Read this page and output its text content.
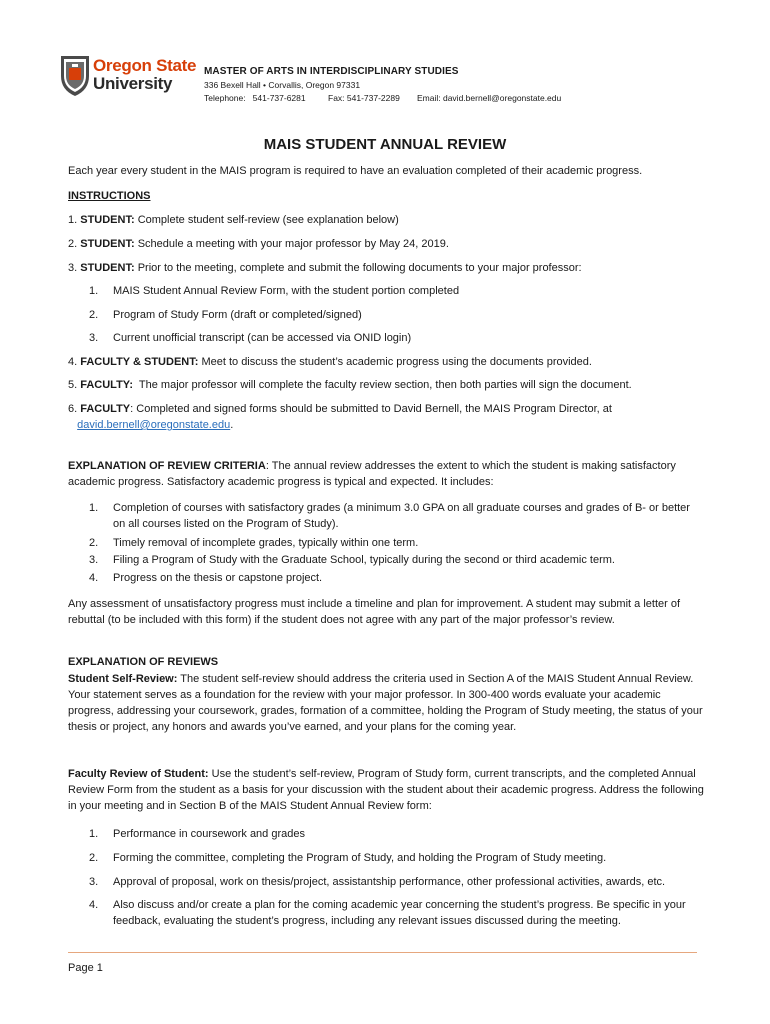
Oregon State
University
MASTER OF ARTS IN INTERDISCIPLINARY STUDIES
336 Bexell Hall • Corvallis, Oregon 97331
Telephone:   541-737-6281	Fax: 541-737-2289 Email: david.bernell@oregonstate.edu
MAIS STUDENT ANNUAL REVIEW
Each year every student in the MAIS program is required to have an evaluation completed of their academic progress.
INSTRUCTIONS
1. STUDENT: Complete student self-review (see explanation below)
2. STUDENT: Schedule a meeting with your major professor by May 24, 2019.
3. STUDENT: Prior to the meeting, complete and submit the following documents to your major professor:
1.	MAIS Student Annual Review Form, with the student portion completed
2.	Program of Study Form (draft or completed/signed)
3.	Current unofficial transcript (can be accessed via ONID login)
4. FACULTY & STUDENT: Meet to discuss the student’s academic progress using the documents provided.
5. FACULTY: The major professor will complete the faculty review section, then both parties will sign the document.
6. FACULTY: Completed and signed forms should be submitted to David Bernell, the MAIS Program Director, at
david.bernell@oregonstate.edu.
EXPLANATION OF REVIEW CRITERIA: The annual review addresses the extent to which the student is making satisfactory academic progress. Satisfactory academic progress is typical and expected. It includes:
1.	Completion of courses with satisfactory grades (a minimum 3.0 GPA on all graduate courses and grades of B- or better on all courses listed on the Program of Study).
2.	Timely removal of incomplete grades, typically within one term.
3.	Filing a Program of Study with the Graduate School, typically during the second or third academic term.
4.	Progress on the thesis or capstone project.
Any assessment of unsatisfactory progress must include a timeline and plan for improvement. A student may submit a letter of rebuttal (to be included with this form) if the student does not agree with any part of the major professor’s review.
EXPLANATION OF REVIEWS
Student Self-Review: The student self-review should address the criteria used in Section A of the MAIS Student Annual Review. Your statement serves as a foundation for the review with your major professor. In 300-400 words evaluate your academic progress, addressing your coursework, grades, formation of a committee, holding the Program of Study meeting, the status of your thesis or project, any honors and awards you’ve earned, and your plans for the coming year.
Faculty Review of Student: Use the student’s self-review, Program of Study form, current transcripts, and the completed Annual Review Form from the student as a basis for your discussion with the student about their academic progress. Address the following in your meeting and in Section B of the MAIS Student Annual Review form:
1.	Performance in coursework and grades
2.	Forming the committee, completing the Program of Study, and holding the Program of Study meeting.
3.	Approval of proposal, work on thesis/project, assistantship performance, other professional activities, awards, etc.
4.	Also discuss and/or create a plan for the coming academic year concerning the student’s progress. Be specific in your feedback, evaluating the student’s progress, including any relevant issues discussed during the meeting.
Page 1
